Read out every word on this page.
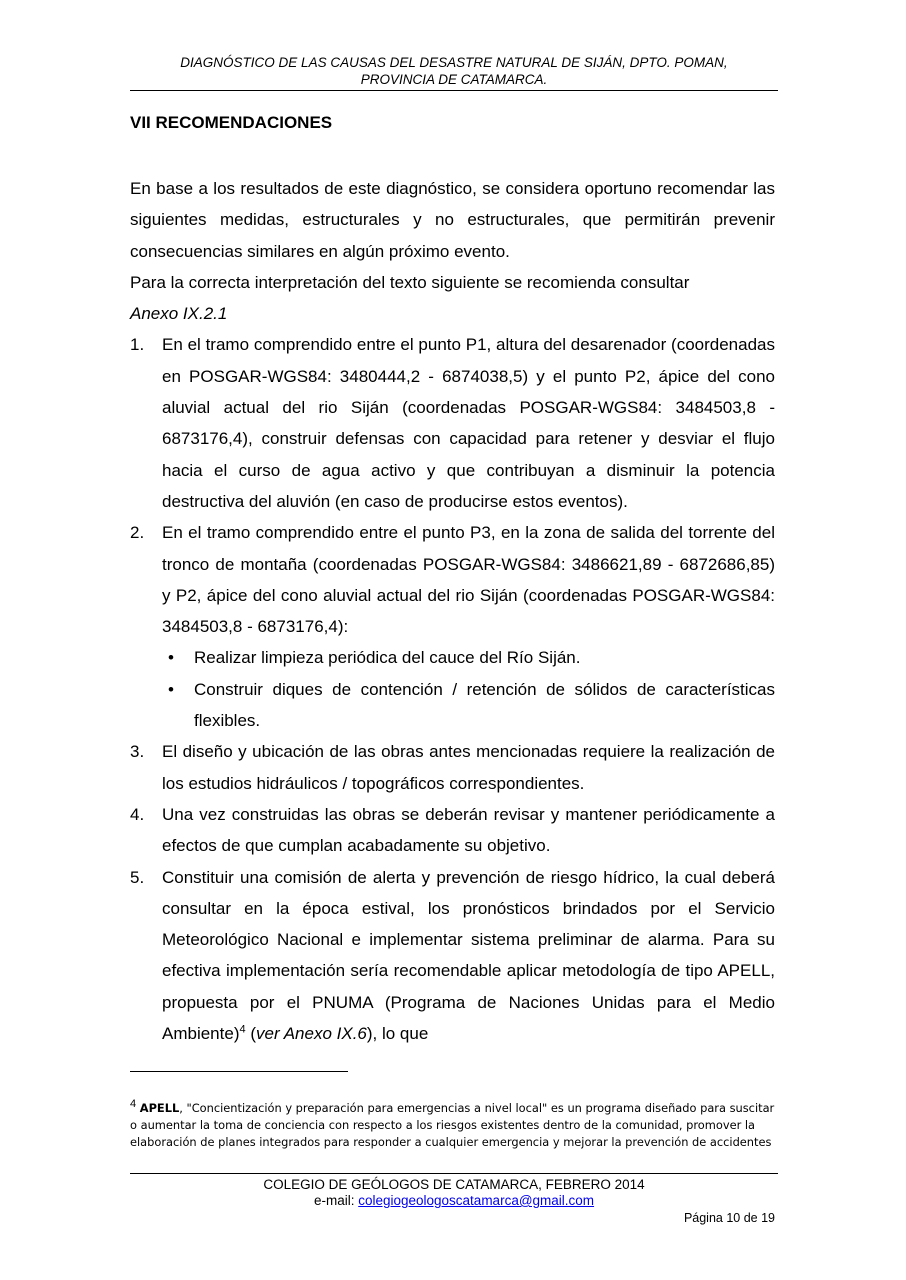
DIAGNÓSTICO DE LAS CAUSAS DEL DESASTRE NATURAL DE SIJÁN, DPTO. POMAN,
PROVINCIA DE CATAMARCA.
VII RECOMENDACIONES

En base a los resultados de este diagnóstico, se considera oportuno recomendar las siguientes medidas, estructurales y no estructurales, que permitirán prevenir consecuencias similares en algún próximo evento.

Para la correcta interpretación del texto siguiente se recomienda consultar
Anexo IX.2.1

1. En el tramo comprendido entre el punto P1, altura del desarenador (coordenadas en POSGAR-WGS84: 3480444,2 - 6874038,5) y el punto P2, ápice del cono aluvial actual del rio Siján (coordenadas POSGAR-WGS84: 3484503,8 - 6873176,4), construir defensas con capacidad para retener y desviar el flujo hacia el curso de agua activo y que contribuyan a disminuir la potencia destructiva del aluvión (en caso de producirse estos eventos).
2. En el tramo comprendido entre el punto P3, en la zona de salida del torrente del tronco de montaña (coordenadas POSGAR-WGS84: 3486621,89 - 6872686,85) y P2, ápice del cono aluvial actual del rio Siján (coordenadas POSGAR-WGS84: 3484503,8 - 6873176,4):
• Realizar limpieza periódica del cauce del Río Siján.
• Construir diques de contención / retención de sólidos de características flexibles.
3. El diseño y ubicación de las obras antes mencionadas requiere la realización de los estudios hidráulicos / topográficos correspondientes.
4. Una vez construidas las obras se deberán revisar y mantener periódicamente a efectos de que cumplan acabadamente su objetivo.
5. Constituir una comisión de alerta y prevención de riesgo hídrico, la cual deberá consultar en la época estival, los pronósticos brindados por el Servicio Meteorológico Nacional e implementar sistema preliminar de alarma. Para su efectiva implementación sería recomendable aplicar metodología de tipo APELL, propuesta por el PNUMA (Programa de Naciones Unidas para el Medio Ambiente)$^4$ (ver Anexo IX.6), lo que
$^4$ APELL, "Concientización y preparación para emergencias a nivel local" es un programa diseñado para suscitar o aumentar la toma de conciencia con respecto a los riesgos existentes dentro de la comunidad, promover la elaboración de planes integrados para responder a cualquier emergencia y mejorar la prevención de accidentes
COLEGIO DE GEÓLOGOS DE CATAMARCA, FEBRERO 2014
e-mail: colegiogeologoscatamarca@gmail.com
Página 10 de 19
